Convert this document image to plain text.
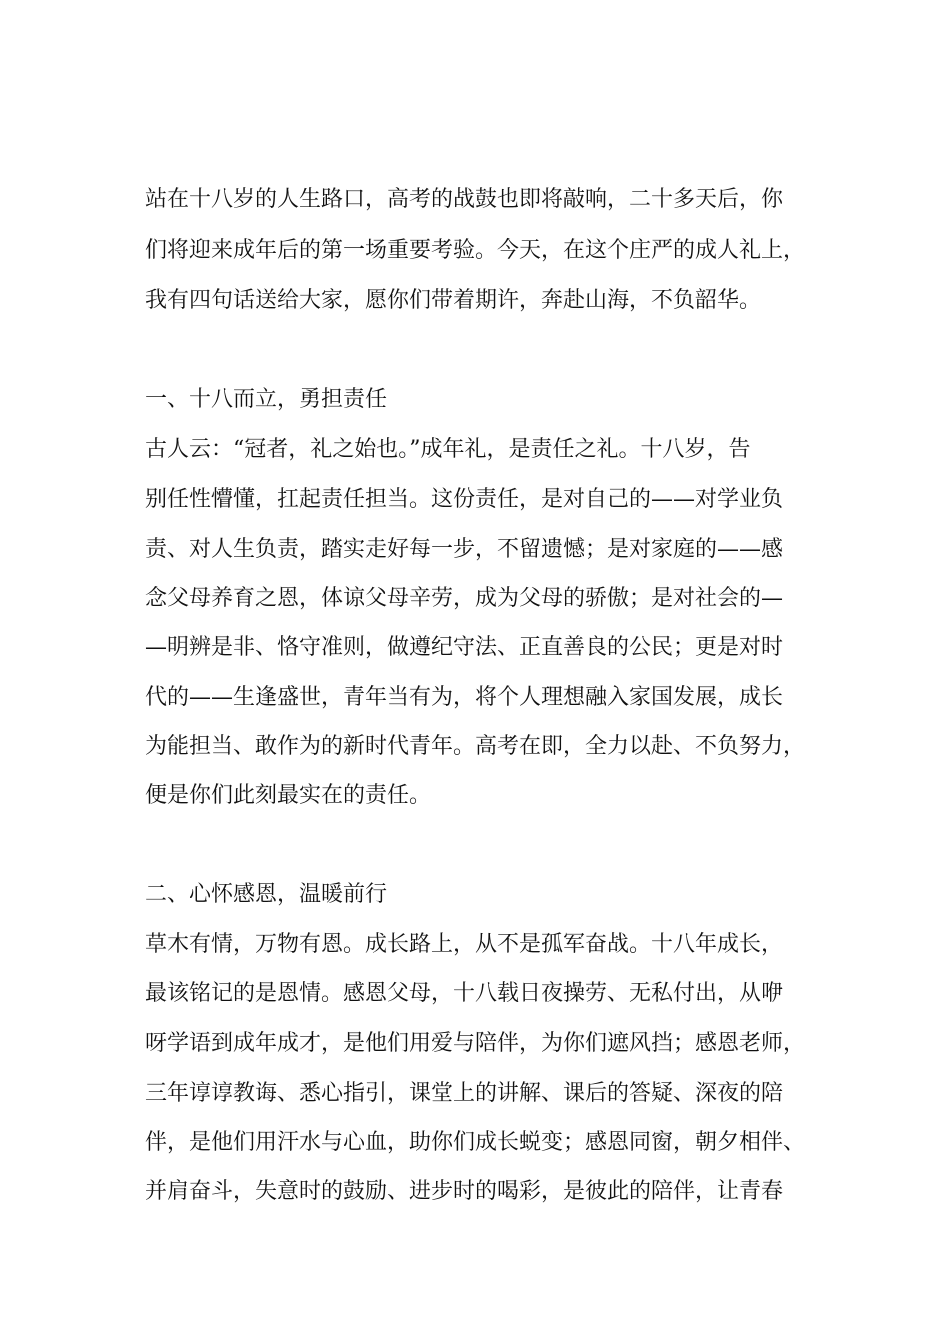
站在十八岁的人生路口，高考的战鼓也即将敲响，二十多天后，你

们将迎来成年后的第一场重要考验。今天，在这个庄严的成人礼上，

我有四句话送给大家，愿你们带着期许，奔赴山海，不负韶华。

一、十八而立，勇担责任

古人云：“冠者，礼之始也。”成年礼，是责任之礼。十八岁，告

别任性懵懂，扛起责任担当。这份责任，是对自己的——对学业负

责、对人生负责，踏实走好每一步，不留遗憾；是对家庭的——感

念父母养育之恩，体谅父母辛劳，成为父母的骄傲；是对社会的—

—明辨是非、恪守准则，做遵纪守法、正直善良的公民；更是对时

代的——生逢盛世，青年当有为，将个人理想融入家国发展，成长

为能担当、敢作为的新时代青年。高考在即，全力以赴、不负努力，

便是你们此刻最实在的责任。

二、心怀感恩，温暖前行

草木有情，万物有恩。成长路上，从不是孤军奋战。十八年成长，

最该铭记的是恩情。感恩父母，十八载日夜操劳、无私付出，从咿

呀学语到成年成才，是他们用爱与陪伴，为你们遮风挡；感恩老师，

三年谆谆教诲、悉心指引，课堂上的讲解、课后的答疑、深夜的陪

伴，是他们用汗水与心血，助你们成长蜕变；感恩同窗，朝夕相伴、

并肩奋斗，失意时的鼓励、进步时的喝彩，是彼此的陪伴，让青春
